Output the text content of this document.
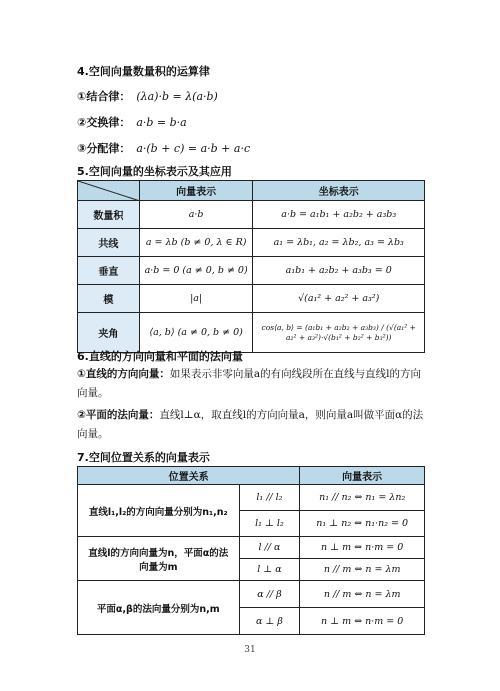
4.空间向量数量积的运算律
①结合律： (λa)·b = λ(a·b)
②交换律： a·b = b·a
③分配律： a·(b + c) = a·b + a·c
5.空间向量的坐标表示及其应用
	向量表示	坐标表示
数量积	a·b	a·b = a₁b₁ + a₂b₂ + a₃b₃
共线	a = λb (b ≠ 0, λ ∈ R)	a₁ = λb₁, a₂ = λb₂, a₃ = λb₃
垂直	a·b = 0 (a ≠ 0, b ≠ 0)	a₁b₁ + a₂b₂ + a₃b₃ = 0
模	|a|	√(a₁² + a₂² + a₃²)
夹角	⟨a, b⟩ (a ≠ 0, b ≠ 0)	cos⟨a, b⟩ = (a₁b₁ + a₂b₂ + a₃b₃) / (√(a₁² + a₂² + a₃²)·√(b₁² + b₂² + b₃²))
6.直线的方向向量和平面的法向量
①直线的方向向量：如果表示非零向量a的有向线段所在直线与直线l的方向向量。
②平面的法向量：直线l⊥α，取直线l的方向向量a，则向量a叫做平面α的法向量。
7.空间位置关系的向量表示
位置关系		向量表示
直线l₁,l₂的方向向量分别为n₁,n₂	l₁ // l₂	n₁ // n₂ ⇔ n₁ = λn₂
	l₁ ⊥ l₂	n₁ ⊥ n₂ ⇔ n₁·n₂ = 0
直线l的方向向量为n，平面α的法向量为m	l // α	n ⊥ m ⇔ n·m = 0
	l ⊥ α	n // m ⇔ n = λm
平面α,β的法向量分别为n,m	α // β	n // m ⇔ n = λm
	α ⊥ β	n ⊥ m ⇔ n·m = 0
31
